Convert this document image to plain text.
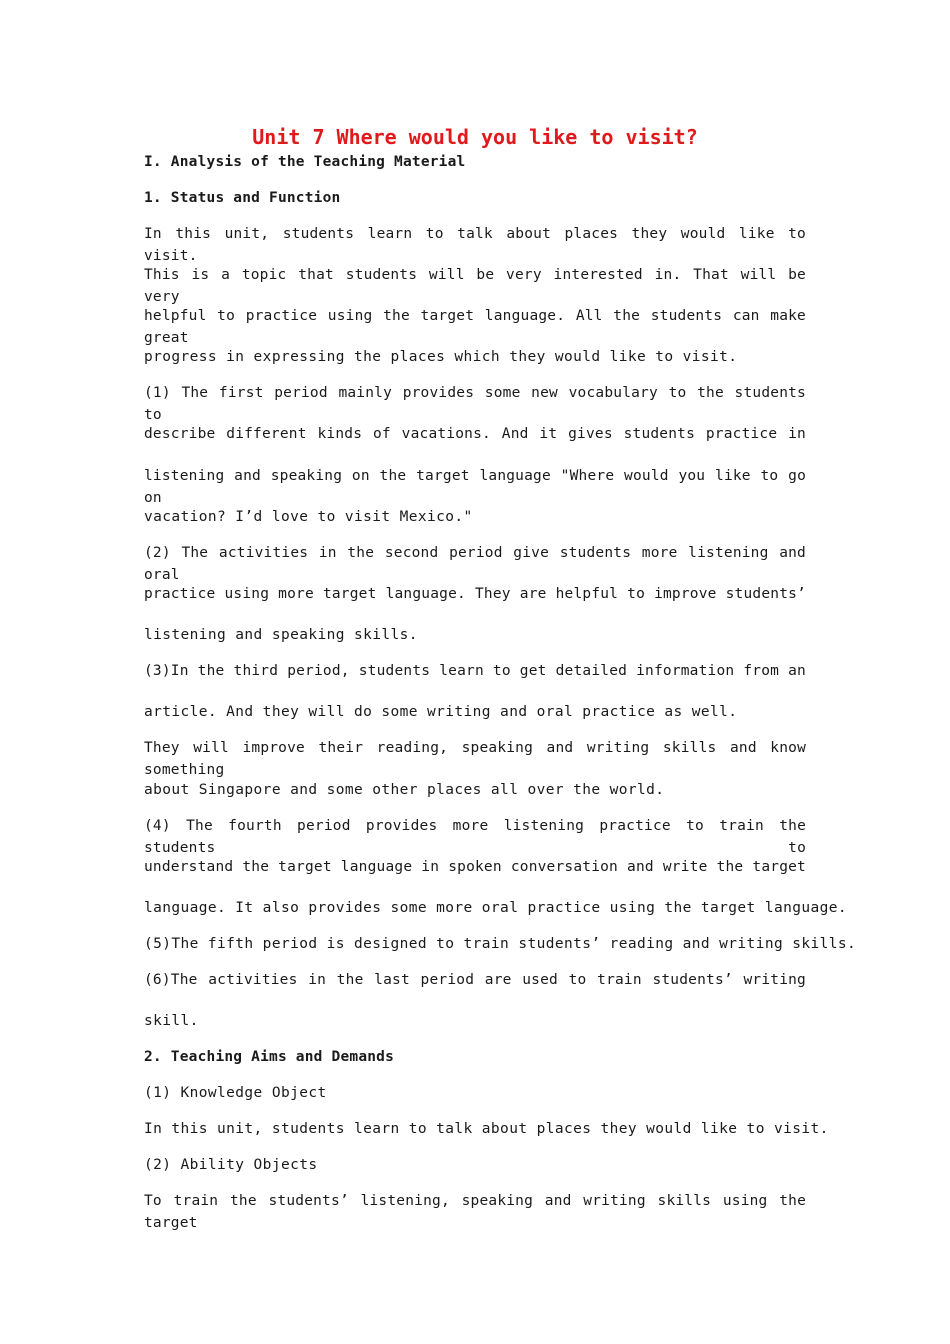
Unit 7 Where would you like to visit?
I. Analysis of the Teaching Material
1. Status and Function
In this unit, students learn to talk about places they would like to visit.
This is a topic that students will be very interested in. That will be very
helpful to practice using the target language. All the students can make great
progress in expressing the places which they would like to visit.
(1) The first period mainly provides some new vocabulary to the students to
describe different kinds of vacations. And it gives students practice in
listening and speaking on the target language "Where would you like to go on
vacation? I’d love to visit Mexico."
(2) The activities in the second period give students more listening and oral
practice using more target language. They are helpful to improve students’
listening and speaking skills.
(3)In the third period, students learn to get detailed information from an
article. And they will do some writing and oral practice as well.
They will improve their reading, speaking and writing skills and know something
about Singapore and some other places all over the world.
(4) The fourth period provides more listening practice to train the students to
understand the target language in spoken conversation and write the target
language. It also provides some more oral practice using the target language.
(5)The fifth period is designed to train students’ reading and writing skills.
(6)The activities in the last period are used to train students’ writing
skill.
2. Teaching Aims and Demands
(1) Knowledge Object
In this unit, students learn to talk about places they would like to visit.
(2) Ability Objects
To train the students’ listening, speaking and writing skills using the target
